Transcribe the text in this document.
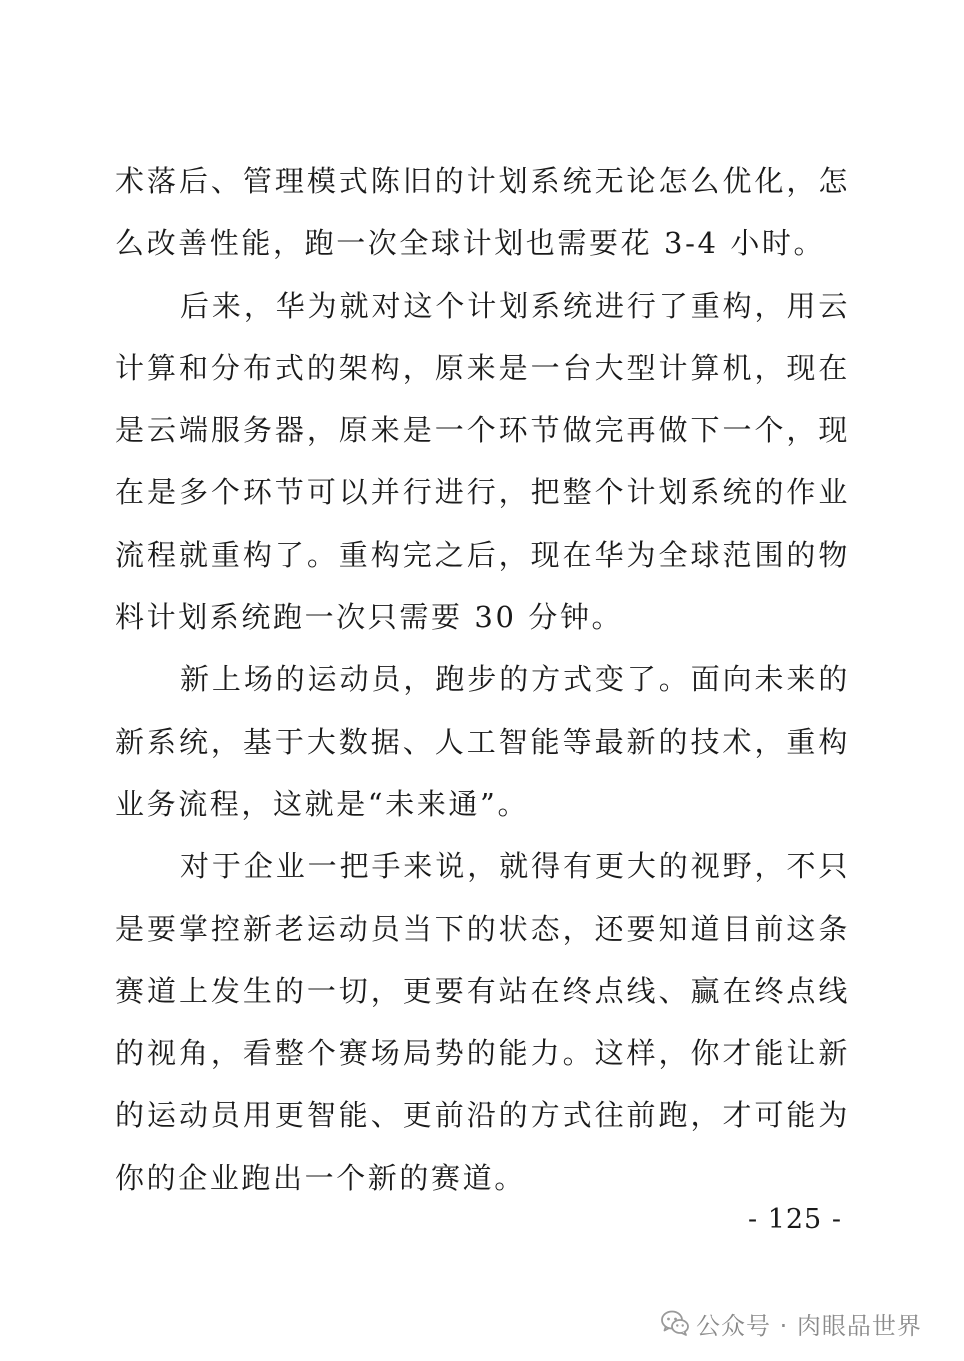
术落后、管理模式陈旧的计划系统无论怎么优化，怎么改善性能，跑一次全球计划也需要花 3-4 小时。

后来，华为就对这个计划系统进行了重构，用云计算和分布式的架构，原来是一台大型计算机，现在是云端服务器，原来是一个环节做完再做下一个，现在是多个环节可以并行进行，把整个计划系统的作业流程就重构了。重构完之后，现在华为全球范围的物料计划系统跑一次只需要 30 分钟。

新上场的运动员，跑步的方式变了。面向未来的新系统，基于大数据、人工智能等最新的技术，重构业务流程，这就是“未来通”。

对于企业一把手来说，就得有更大的视野，不只是要掌控新老运动员当下的状态，还要知道目前这条赛道上发生的一切，更要有站在终点线、赢在终点线的视角，看整个赛场局势的能力。这样，你才能让新的运动员用更智能、更前沿的方式往前跑，才可能为你的企业跑出一个新的赛道。

- 125 -
公众号 · 肉眼品世界
